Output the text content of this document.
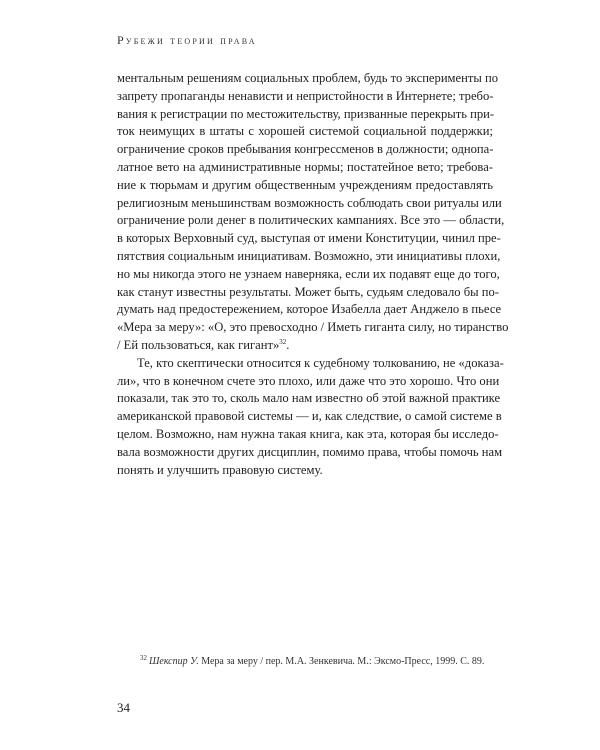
Рубежи теории права
ментальным решениям социальных проблем, будь то эксперименты по
запрету пропаганды ненависти и непристойности в Интернете; требо-
вания к регистрации по местожительству, призванные перекрыть при-
ток неимущих в штаты с хорошей системой социальной поддержки;
ограничение сроков пребывания конгрессменов в должности; однопа-
латное вето на административные нормы; постатейное вето; требова-
ние к тюрьмам и другим общественным учреждениям предоставлять
религиозным меньшинствам возможность соблюдать свои ритуалы или
ограничение роли денег в политических кампаниях. Все это — области,
в которых Верховный суд, выступая от имени Конституции, чинил пре-
пятствия социальным инициативам. Возможно, эти инициативы плохи,
но мы никогда этого не узнаем наверняка, если их подавят еще до того,
как станут известны результаты. Может быть, судьям следовало бы по-
думать над предостережением, которое Изабелла дает Анджело в пьесе
«Мера за меру»: «О, это превосходно / Иметь гиганта силу, но тиранство
/ Ей пользоваться, как гигант»$^{32}$.
Те, кто скептически относится к судебному толкованию, не «доказа-
ли», что в конечном счете это плохо, или даже что это хорошо. Что они
показали, так это то, сколь мало нам известно об этой важной практике
американской правовой системы — и, как следствие, о самой системе в
целом. Возможно, нам нужна такая книга, как эта, которая бы исследо-
вала возможности других дисциплин, помимо права, чтобы помочь нам
понять и улучшить правовую систему.
$^{32}$ Шекспир У. Мера за меру / пер. М.А. Зенкевича. М.: Эксмо-Пресс, 1999. С. 89.
34
